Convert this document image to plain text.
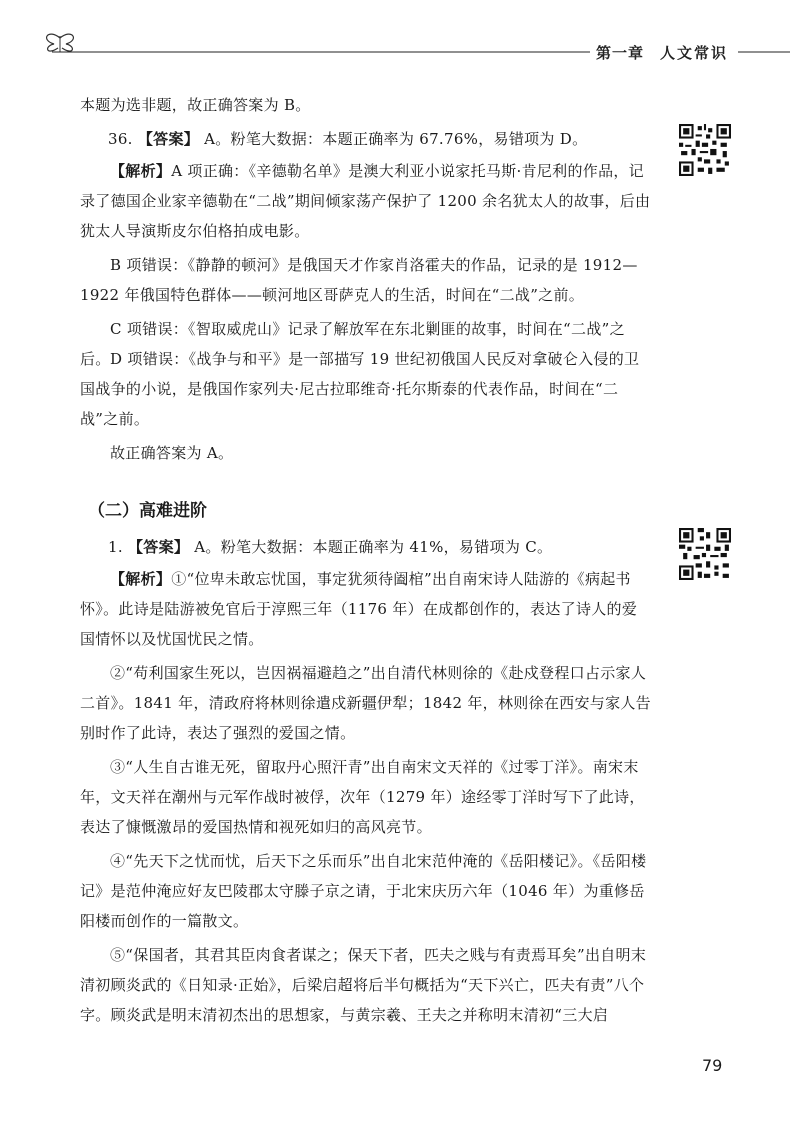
第一章 人文常识
本题为选非题，故正确答案为 B。
36. 【答案】 A。粉笔大数据：本题正确率为 67.76%，易错项为 D。
【解析】A 项正确：《辛德勒名单》是澳大利亚小说家托马斯·肯尼利的作品，记录了德国企业家辛德勒在“二战”期间倾家荡产保护了 1200 余名犹太人的故事，后由犹太人导演斯皮尔伯格拍成电影。
B 项错误：《静静的顿河》是俄国天才作家肖洛霍夫的作品，记录的是 1912—1922 年俄国特色群体——顿河地区哥萨克人的生活，时间在“二战”之前。
C 项错误：《智取威虎山》记录了解放军在东北剿匪的故事，时间在“二战”之后。 D 项错误：《战争与和平》是一部描写 19 世纪初俄国人民反对拿破仑入侵的卫国战争的小说，是俄国作家列夫·尼古拉耶维奇·托尔斯泰的代表作品，时间在“二战”之前。
故正确答案为 A。
（二）高难进阶
1. 【答案】 A。粉笔大数据：本题正确率为 41%，易错项为 C。
【解析】①“位卑未敢忘忧国，事定犹须待阖棺”出自南宋诗人陆游的《病起书怀》。此诗是陆游被免官后于淳熙三年（1176 年）在成都创作的，表达了诗人的爱国情怀以及忧国忧民之情。
②“苟利国家生死以，岂因祸福避趋之”出自清代林则徐的《赴戍登程口占示家人二首》。1841 年，清政府将林则徐遣戍新疆伊犁；1842 年，林则徐在西安与家人告别时作了此诗，表达了强烈的爱国之情。
③“人生自古谁无死，留取丹心照汗青”出自南宋文天祥的《过零丁洋》。南宋末年，文天祥在潮州与元军作战时被俘，次年（1279 年）途经零丁洋时写下了此诗，表达了慷慨激昂的爱国热情和视死如归的高风亮节。
④“先天下之忧而忧，后天下之乐而乐”出自北宋范仲淹的《岳阳楼记》。《岳阳楼记》是范仲淹应好友巴陵郡太守滕子京之请，于北宋庆历六年（1046 年）为重修岳阳楼而创作的一篇散文。
⑤“保国者，其君其臣肉食者谋之；保天下者，匹夫之贱与有责焉耳矣”出自明末清初顾炎武的《日知录·正始》，后梁启超将后半句概括为“天下兴亡，匹夫有责”八个字。顾炎武是明末清初杰出的思想家，与黄宗羲、王夫之并称明末清初“三大启
79
